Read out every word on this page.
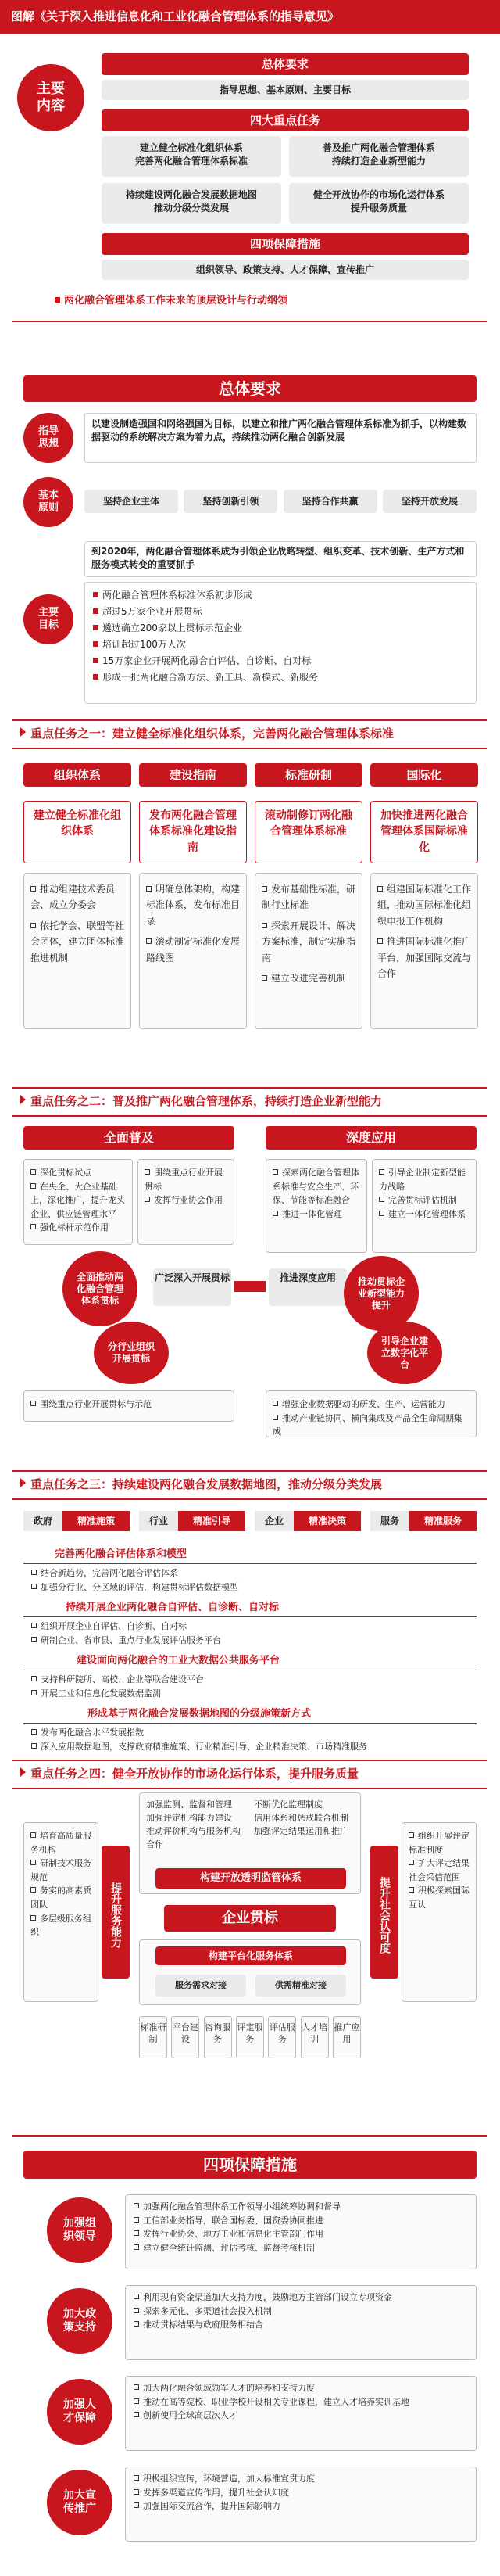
图解《关于深入推进信息化和工业化融合管理体系的指导意见》
主要内容
总体要求
指导思想、基本原则、主要目标
四大重点任务
建立健全标准化组织体系
完善两化融合管理体系标准
普及推广两化融合管理体系
持续打造企业新型能力
持续建设两化融合发展数据地图
推动分级分类发展
健全开放协作的市场化运行体系
提升服务质量
四项保障措施
组织领导、政策支持、人才保障、宣传推广
两化融合管理体系工作未来的顶层设计与行动纲领
总体要求
指导思想
以建设制造强国和网络强国为目标，以建立和推广两化融合管理体系标准为抓手，以构建数据驱动的系统解决方案为着力点，持续推动两化融合创新发展
基本原则
坚持企业主体	坚持创新引领	坚持合作共赢	坚持开放发展
主要目标
到2020年，两化融合管理体系成为引领企业战略转型、组织变革、技术创新、生产方式和服务模式转变的重要抓手
两化融合管理体系标准体系初步形成
超过5万家企业开展贯标
遴选确立200家以上贯标示范企业
培训超过100万人次
15万家企业开展两化融合自评估、自诊断、自对标
形成一批两化融合新方法、新工具、新模式、新服务
重点任务之一：建立健全标准化组织体系，完善两化融合管理体系标准
组织体系
建立健全标准化组织体系
推动组建技术委员会、成立分委会
依托学会、联盟等社会团体，建立团体标准推进机制
建设指南
发布两化融合管理体系标准化建设指南
明确总体架构，构建标准体系，发布标准目录
滚动制定标准化发展路线图
标准研制
滚动制修订两化融合管理体系标准
发布基础性标准，研制行业标准
探索开展设计、解决方案标准，制定实施指南
建立改进完善机制
国际化
加快推进两化融合管理体系国际标准化
组建国际标准化工作组，推动国际标准化组织申报工作机构
推进国际标准化推广平台，加强国际交流与合作
重点任务之二：普及推广两化融合管理体系，持续打造企业新型能力
全面普及	深度应用
深化贯标试点
在央企、大企业基础上，深化推广，提升龙头企业、供应链管理水平
强化标杆示范作用
围绕重点行业开展贯标
发挥行业协会作用
全面推动两化融合管理体系贯标
分行业组织开展贯标
围绕重点行业开展贯标与示范
广泛深入开展贯标	推进深度应用
探索两化融合管理体系标准与安全生产、环保、节能等标准融合
推进一体化管理
引导企业制定新型能力战略
完善贯标评估机制
建立一体化管理体系
推动贯标企业新型能力提升
引导企业建立数字化平台
增强企业数据驱动的研发、生产、运营能力
推动产业链协同、横向集成及产品全生命周期集成
重点任务之三：持续建设两化融合发展数据地图，推动分级分类发展
政府	精准施策	行业	精准引导	企业	精准决策	服务	精准服务
完善两化融合评估体系和模型
结合新趋势，完善两化融合评估体系
加强分行业、分区域的评估，构建贯标评估数据模型
持续开展企业两化融合自评估、自诊断、自对标
组织开展企业自评估、自诊断、自对标
研制企业、省市县、重点行业发展评估服务平台
建设面向两化融合的工业大数据公共服务平台
支持科研院所、高校、企业等联合建设平台
开展工业和信息化发展数据监测
形成基于两化融合发展数据地图的分级施策新方式
发布两化融合水平发展指数
深入应用数据地图，支撑政府精准施策、行业精准引导、企业精准决策、市场精准服务
重点任务之四：健全开放协作的市场化运行体系，提升服务质量
培育高质量服务机构
研制技术服务规范
务实的高素质团队
多层级服务组织	提升服务能力
加强监测、监督和管理
加强评定机构能力建设
推动评价机构与服务机构合作
不断优化监理制度
信用体系和惩戒联合机制
加强评定结果运用和推广
构建开放透明监管体系
企业贯标
构建平台化服务体系
服务需求对接	供需精准对接
提升社会认可度
组织开展评定标准制度
扩大评定结果社会采信范围
积极探索国际互认
标准研制
平台建设
咨询服务
评定服务
评估服务
人才培训
推广应用
四项保障措施
加强组织领导
加强两化融合管理体系工作领导小组统筹协调和督导
工信部业务指导，联合国标委、国资委协同推进
发挥行业协会、地方工业和信息化主管部门作用
建立健全统计监测、评估考核、监督考核机制
加大政策支持
利用现有资金渠道加大支持力度，鼓励地方主管部门设立专项资金
探索多元化、多渠道社会投入机制
推动贯标结果与政府服务相结合
加强人才保障
加大两化融合领域领军人才的培养和支持力度
推动在高等院校、职业学校开设相关专业课程，建立人才培养实训基地
创新使用全球高层次人才
加大宣传推广
积极组织宣传，环境营造，加大标准宣贯力度
发挥多渠道宣传作用，提升社会认知度
加强国际交流合作，提升国际影响力
